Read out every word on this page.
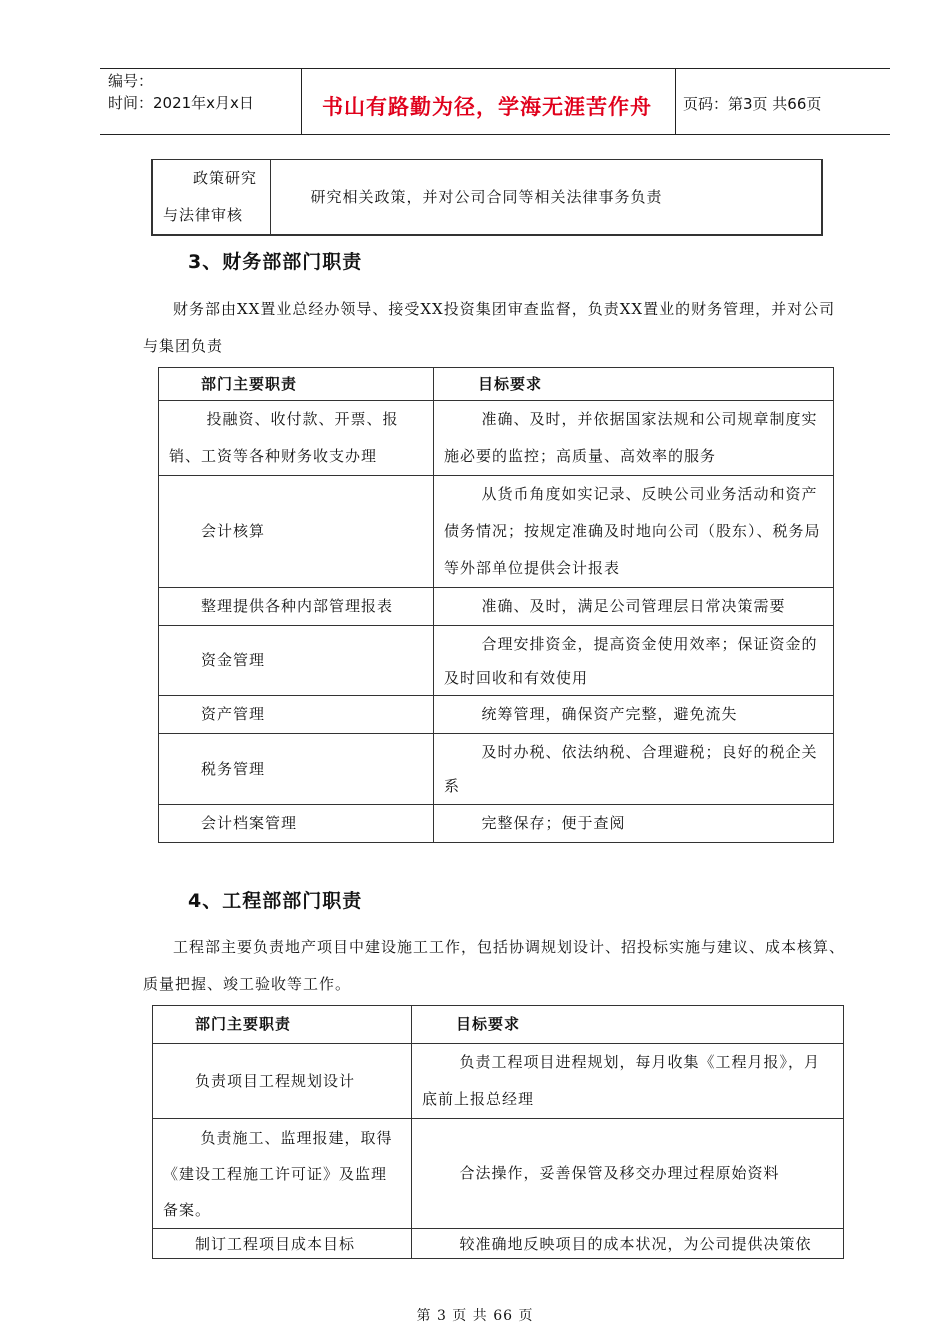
编号：
时间：2021年x月x日	书山有路勤为径，学海无涯苦作舟 页码：第3页 共66页
政策研究与法律审核	研究相关政策，并对公司合同等相关法律事务负责
3、财务部部门职责
财务部由XX置业总经办领导、接受XX投资集团审查监督，负责XX置业的财务管理，并对公司与集团负责
部门主要职责	目标要求
投融资、收付款、开票、报销、工资等各种财务收支办理	准确、及时，并依据国家法规和公司规章制度实施必要的监控；高质量、高效率的服务
会计核算	从货币角度如实记录、反映公司业务活动和资产债务情况；按规定准确及时地向公司（股东）、税务局等外部单位提供会计报表
整理提供各种内部管理报表	准确、及时，满足公司管理层日常决策需要
资金管理	合理安排资金，提高资金使用效率；保证资金的及时回收和有效使用
资产管理	统筹管理，确保资产完整，避免流失
税务管理	及时办税、依法纳税、合理避税；良好的税企关系
会计档案管理	完整保存；便于查阅
4、工程部部门职责
工程部主要负责地产项目中建设施工工作，包括协调规划设计、招投标实施与建议、成本核算、质量把握、竣工验收等工作。
部门主要职责	目标要求
负责项目工程规划设计	负责工程项目进程规划，每月收集《工程月报》，月底前上报总经理
负责施工、监理报建，取得《建设工程施工许可证》及监理备案。	合法操作，妥善保管及移交办理过程原始资料
制订工程项目成本目标	较准确地反映项目的成本状况，为公司提供决策依
第 3 页 共 66 页
